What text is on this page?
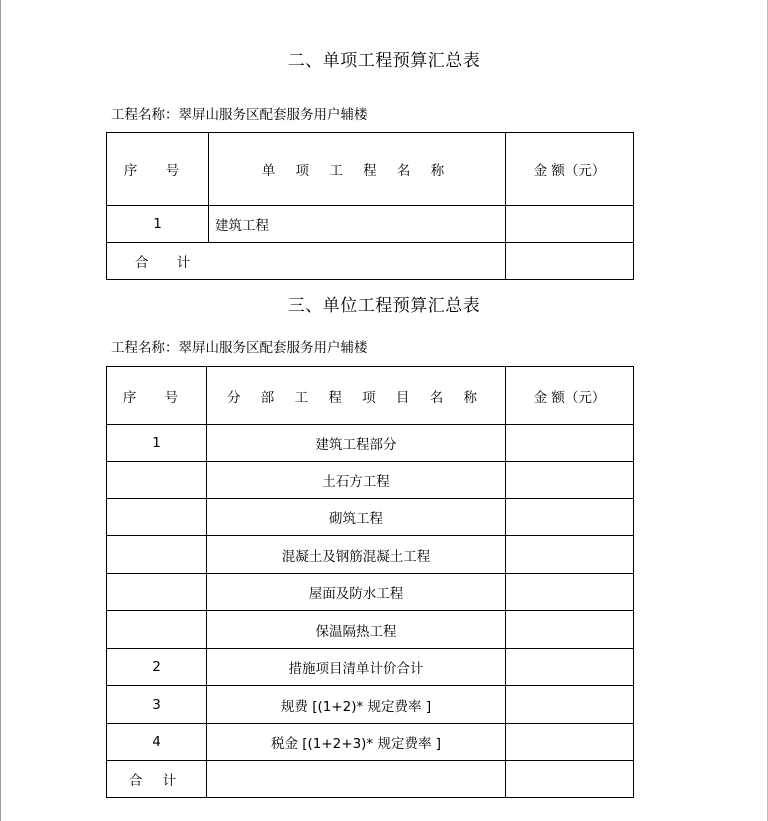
二、单项工程预算汇总表
工程名称：翠屏山服务区配套服务用户辅楼
序 号	单 项 工 程 名 称	金 额（元）
1	建筑工程	
合 计		
三、单位工程预算汇总表
工程名称：翠屏山服务区配套服务用户辅楼
序 号	分 部 工 程 项 目 名 称	金 额（元）
1	建筑工程部分	
	土石方工程	
	砌筑工程	
	混凝土及钢筋混凝土工程	
	屋面及防水工程	
	保温隔热工程	
2	措施项目清单计价合计	
3	规费 [(1+2)* 规定费率 ]	
4	税金 [(1+2+3)* 规定费率 ]	
合 计		
